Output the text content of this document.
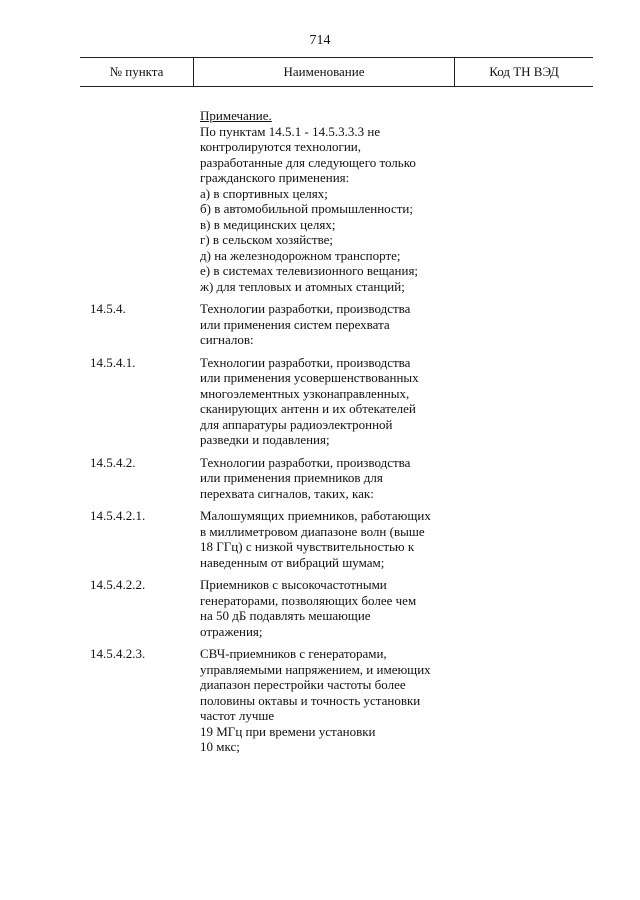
714
№ пункта	Наименование	Код ТН ВЭД
Примечание.
По пунктам 14.5.1 - 14.5.3.3.3 не
контролируются технологии,
разработанные для следующего только
гражданского применения:
а) в спортивных целях;
б) в автомобильной промышленности;
в) в медицинских целях;
г) в сельском хозяйстве;
д) на железнодорожном транспорте;
е) в системах телевизионного вещания;
ж) для тепловых и атомных станций;
14.5.4.	Технологии разработки, производства
или применения систем перехвата
сигналов:
14.5.4.1.	Технологии разработки, производства
или применения усовершенствованных
многоэлементных узконаправленных,
сканирующих антенн и их обтекателей
для аппаратуры радиоэлектронной
разведки и подавления;
14.5.4.2.	Технологии разработки, производства
или применения приемников для
перехвата сигналов, таких, как:
14.5.4.2.1.	Малошумящих приемников, работающих
в миллиметровом диапазоне волн (выше
18 ГГц) с низкой чувствительностью к
наведенным от вибраций шумам;
14.5.4.2.2.	Приемников с высокочастотными
генераторами, позволяющих более чем
на 50 дБ подавлять мешающие
отражения;
14.5.4.2.3.	СВЧ-приемников с генераторами,
управляемыми напряжением, и имеющих
диапазон перестройки частоты более
половины октавы и точность установки
частот лучше
19 МГц при времени установки
10 мкс;
